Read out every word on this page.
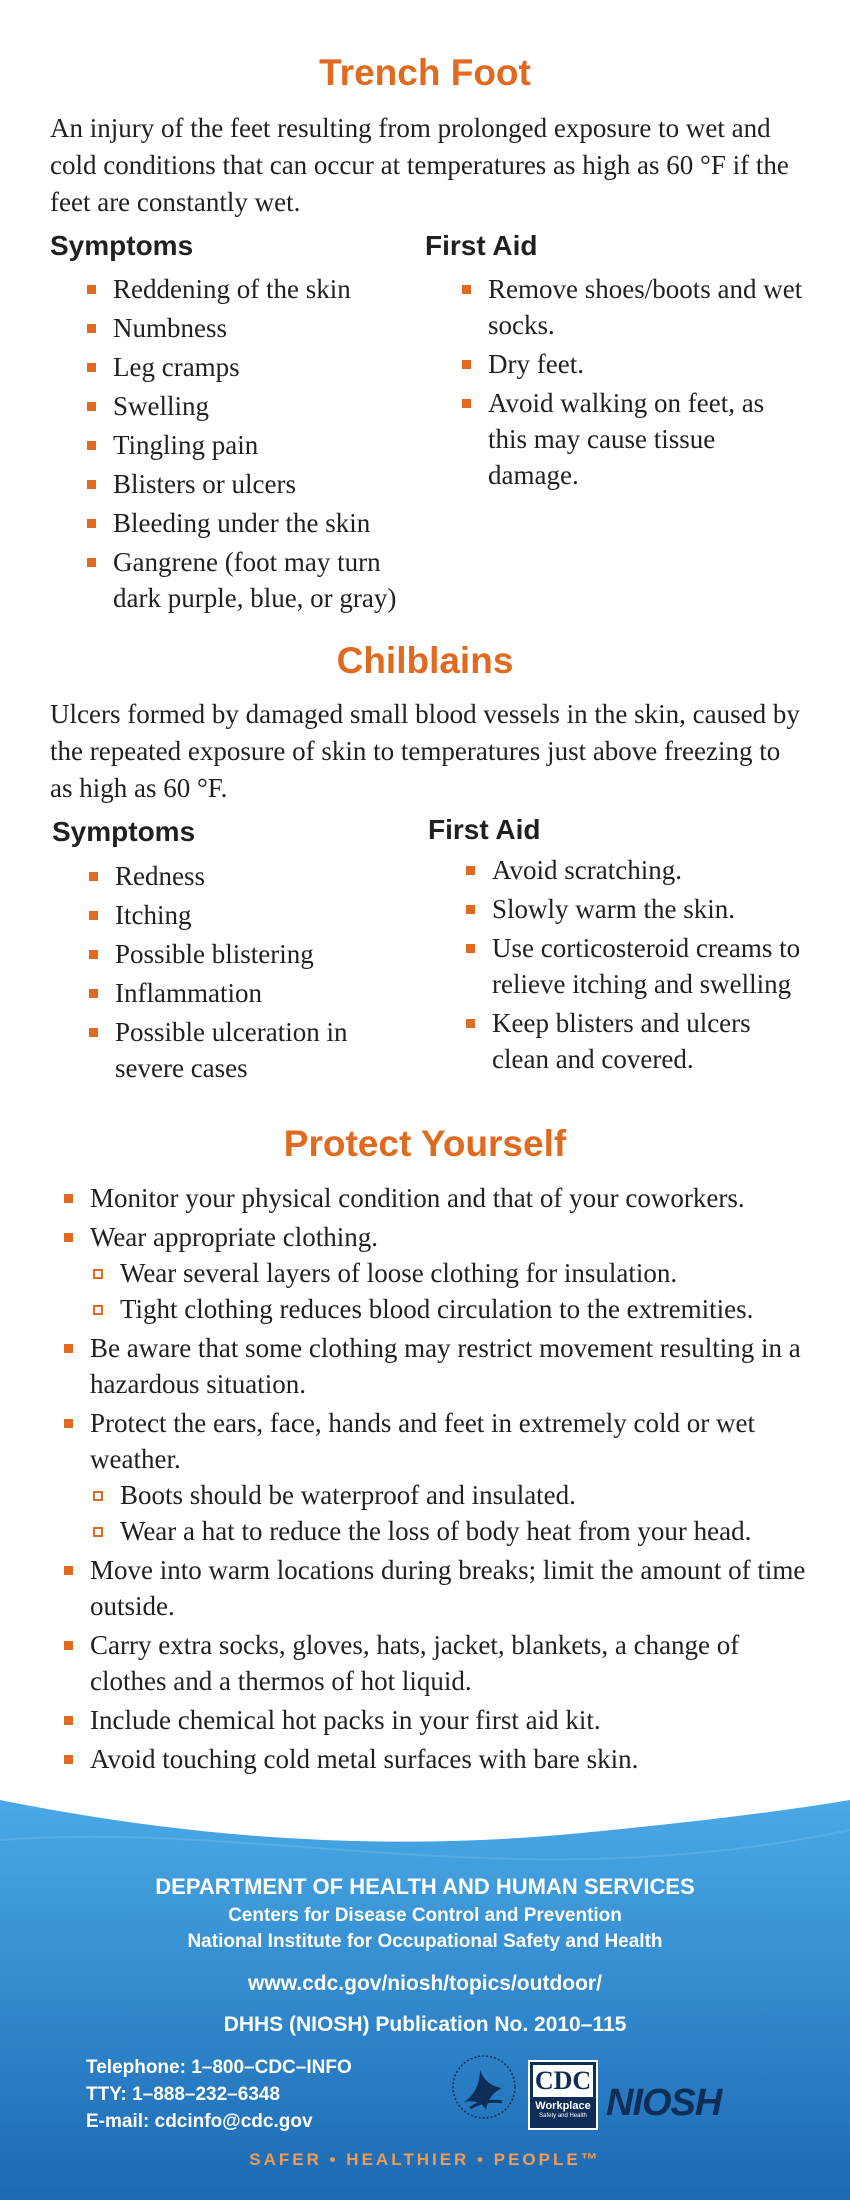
Trench Foot

An injury of the feet resulting from prolonged exposure to wet and cold conditions that can occur at temperatures as high as 60 °F if the feet are constantly wet.

Symptoms
Reddening of the skin
Numbness
Leg cramps
Swelling
Tingling pain
Blisters or ulcers
Bleeding under the skin
Gangrene (foot may turn dark purple, blue, or gray)
First Aid
Remove shoes/boots and wet socks.
Dry feet.
Avoid walking on feet, as this may cause tissue damage.
Chilblains

Ulcers formed by damaged small blood vessels in the skin, caused by the repeated exposure of skin to temperatures just above freezing to as high as 60 °F.

Symptoms
Redness
Itching
Possible blistering
Inflammation
Possible ulceration in severe cases
First Aid
Avoid scratching.
Slowly warm the skin.
Use corticosteroid creams to relieve itching and swelling
Keep blisters and ulcers clean and covered.
Protect Yourself
Monitor your physical condition and that of your coworkers.
Wear appropriate clothing.
Wear several layers of loose clothing for insulation.
Tight clothing reduces blood circulation to the extremities.
Be aware that some clothing may restrict movement resulting in a hazardous situation.
Protect the ears, face, hands and feet in extremely cold or wet weather.
Boots should be waterproof and insulated.
Wear a hat to reduce the loss of body heat from your head.
Move into warm locations during breaks; limit the amount of time outside.
Carry extra socks, gloves, hats, jacket, blankets, a change of clothes and a thermos of hot liquid.
Include chemical hot packs in your first aid kit.
Avoid touching cold metal surfaces with bare skin.
DEPARTMENT OF HEALTH AND HUMAN SERVICES
Centers for Disease Control and Prevention
National Institute for Occupational Safety and Health
www.cdc.gov/niosh/topics/outdoor/
DHHS (NIOSH) Publication No. 2010–115
Telephone: 1–800–CDC–INFO
TTY: 1–888–232–6348
E-mail: cdcinfo@cdc.gov
CDC
Workplace
Safety and Health NIOSH
SAFER • HEALTHIER • PEOPLE™
